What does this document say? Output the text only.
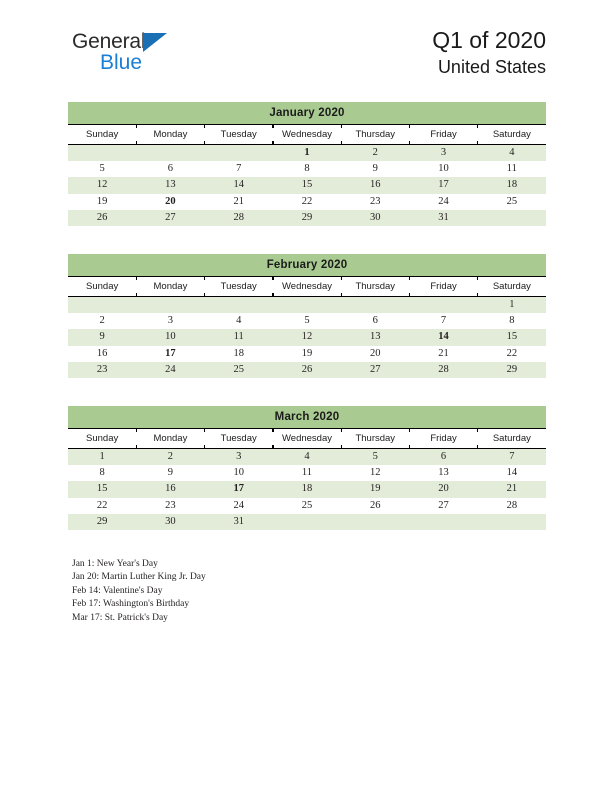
General
Blue
Q1 of 2020
United States
January 2020
Sunday	Monday	Tuesday	Wednesday	Thursday	Friday	Saturday
			1	2	3	4
5	6	7	8	9	10	11
12	13	14	15	16	17	18
19	20	21	22	23	24	25
26	27	28	29	30	31	
February 2020
Sunday	Monday	Tuesday	Wednesday	Thursday	Friday	Saturday
						1
2	3	4	5	6	7	8
9	10	11	12	13	14	15
16	17	18	19	20	21	22
23	24	25	26	27	28	29
March 2020
Sunday	Monday	Tuesday	Wednesday	Thursday	Friday	Saturday
1	2	3	4	5	6	7
8	9	10	11	12	13	14
15	16	17	18	19	20	21
22	23	24	25	26	27	28
29	30	31				
Jan 1: New Year's Day
Jan 20: Martin Luther King Jr. Day
Feb 14: Valentine's Day
Feb 17: Washington's Birthday
Mar 17: St. Patrick's Day
